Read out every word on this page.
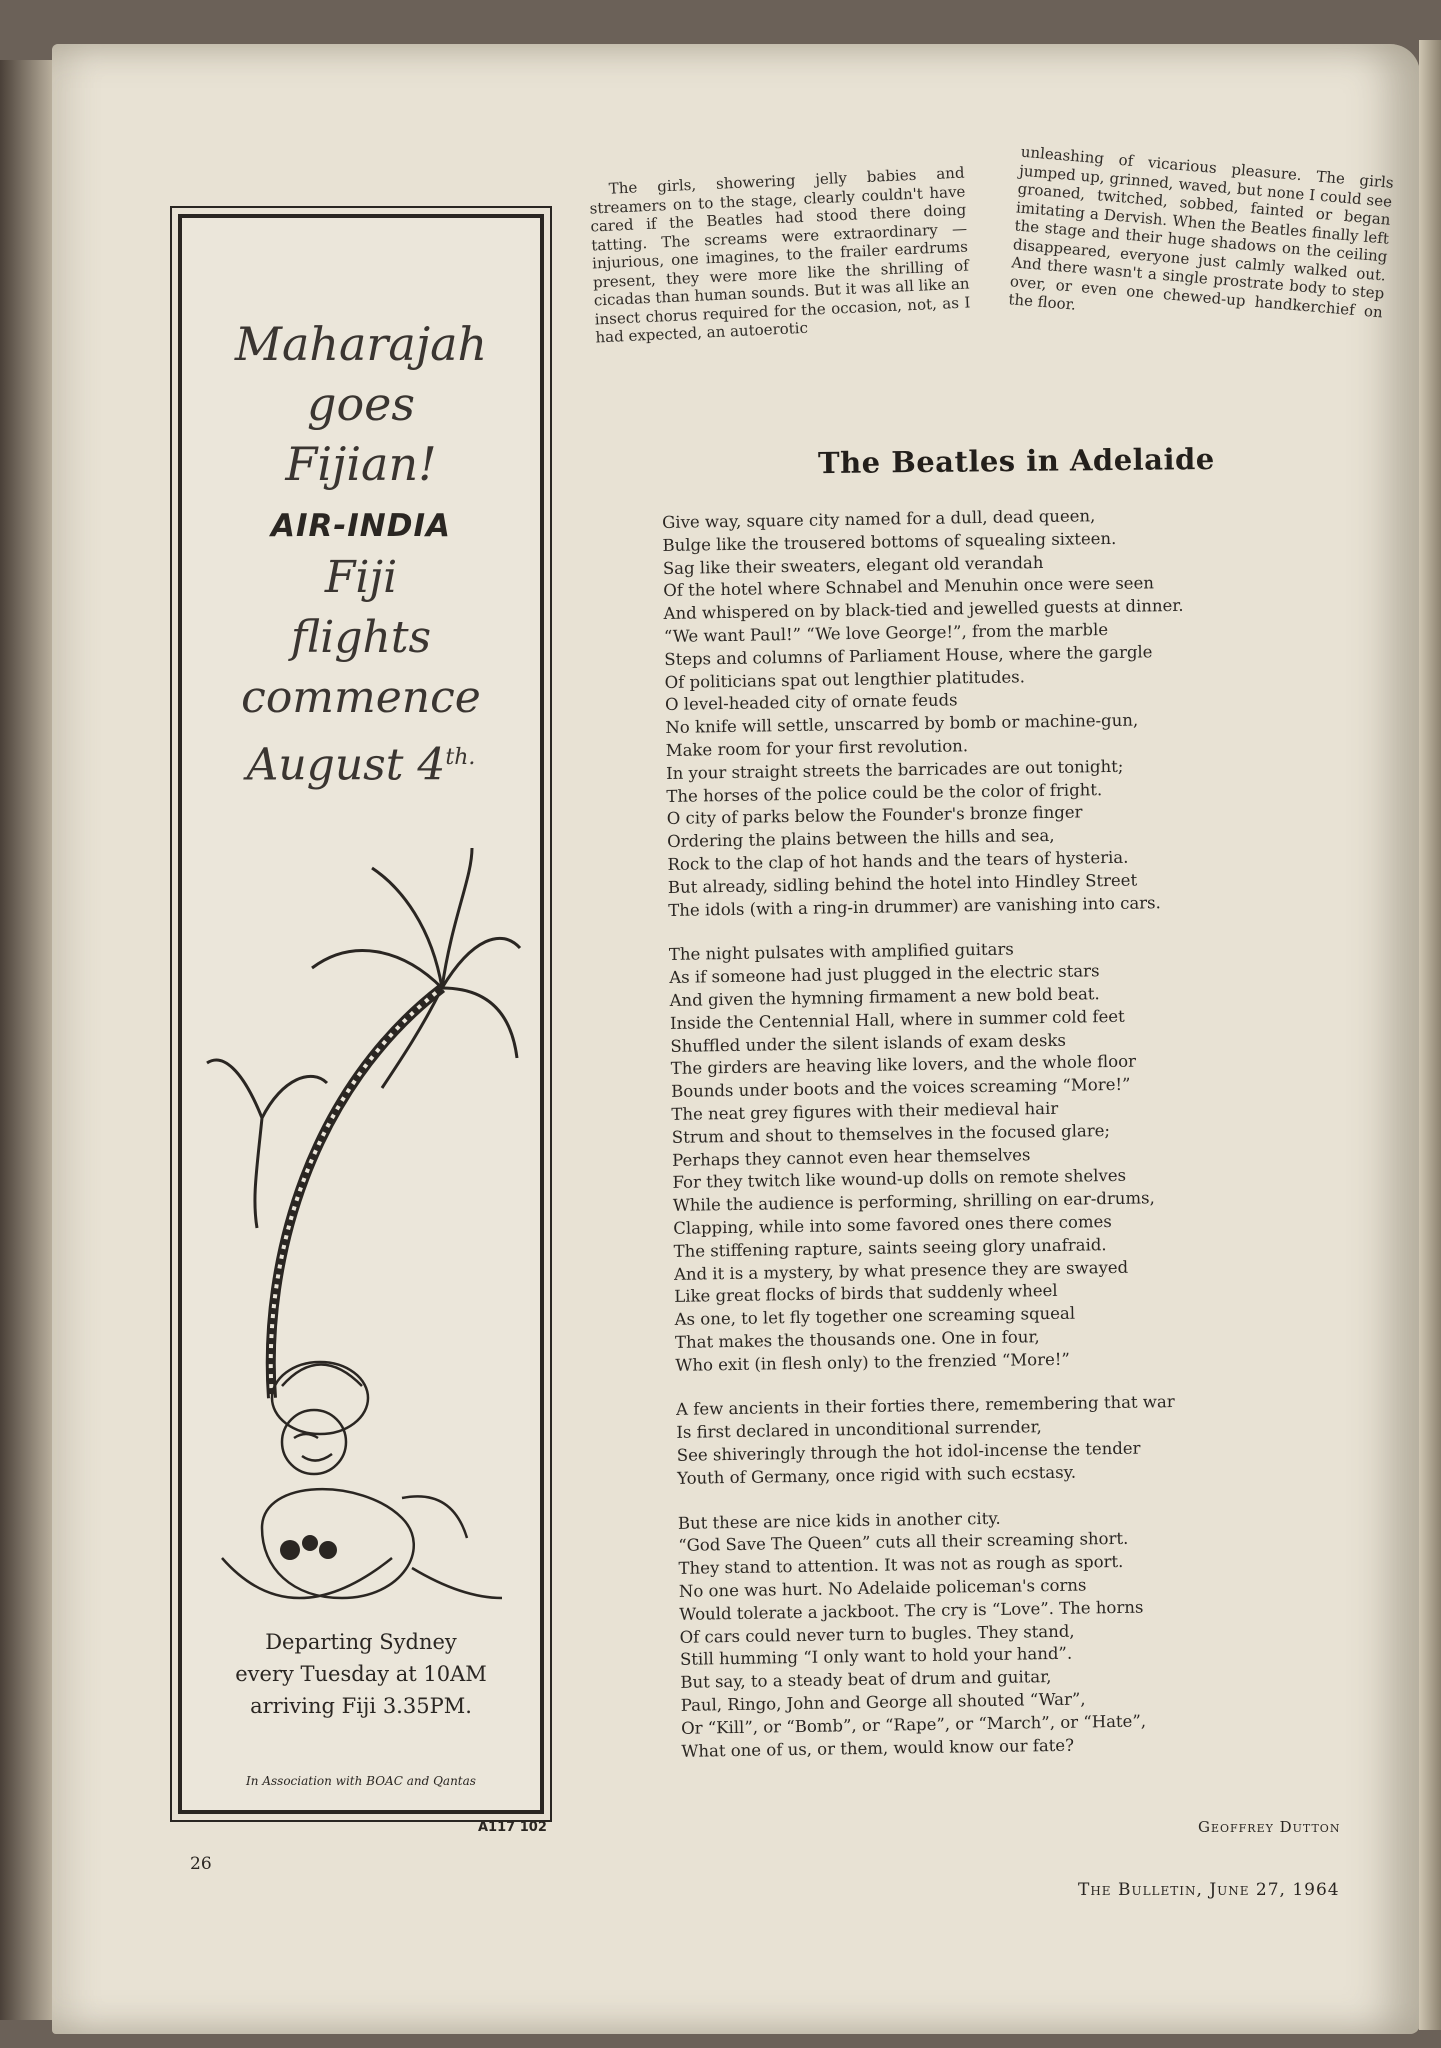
Maharajah
goes
Fijian!
AIR-INDIA
Fiji
flights
commence
August $4^{th.}$
Departing Sydney
every Tuesday at 10AM
arriving Fiji 3.35PM.
In Association with BOAC and Qantas
A117 102

The girls, showering jelly babies and streamers on to the stage, clearly couldn't have cared if the Beatles had stood there doing tatting. The screams were extraordinary — injurious, one imagines, to the frailer eardrums present, they were more like the shrilling of cicadas than human sounds. But it was all like an insect chorus required for the occasion, not, as I had expected, an autoerotic

unleashing of vicarious pleasure. The girls jumped up, grinned, waved, but none I could see groaned, twitched, sobbed, fainted or began imitating a Dervish. When the Beatles finally left the stage and their huge shadows on the ceiling disappeared, everyone just calmly walked out. And there wasn't a single prostrate body to step over, or even one chewed-up handkerchief on the floor.

The Beatles in Adelaide
Give way, square city named for a dull, dead queen,
Bulge like the trousered bottoms of squealing sixteen.
Sag like their sweaters, elegant old verandah
Of the hotel where Schnabel and Menuhin once were seen
And whispered on by black-tied and jewelled guests at dinner.
“We want Paul!” “We love George!”, from the marble
Steps and columns of Parliament House, where the gargle
Of politicians spat out lengthier platitudes.
O level-headed city of ornate feuds
No knife will settle, unscarred by bomb or machine-gun,
Make room for your first revolution.
In your straight streets the barricades are out tonight;
The horses of the police could be the color of fright.
O city of parks below the Founder's bronze finger
Ordering the plains between the hills and sea,
Rock to the clap of hot hands and the tears of hysteria.
But already, sidling behind the hotel into Hindley Street
The idols (with a ring-in drummer) are vanishing into cars.
The night pulsates with amplified guitars
As if someone had just plugged in the electric stars
And given the hymning firmament a new bold beat.
Inside the Centennial Hall, where in summer cold feet
Shuffled under the silent islands of exam desks
The girders are heaving like lovers, and the whole floor
Bounds under boots and the voices screaming “More!”
The neat grey figures with their medieval hair
Strum and shout to themselves in the focused glare;
Perhaps they cannot even hear themselves
For they twitch like wound-up dolls on remote shelves
While the audience is performing, shrilling on ear-drums,
Clapping, while into some favored ones there comes
The stiffening rapture, saints seeing glory unafraid.
And it is a mystery, by what presence they are swayed
Like great flocks of birds that suddenly wheel
As one, to let fly together one screaming squeal
That makes the thousands one. One in four,
Who exit (in flesh only) to the frenzied “More!”
A few ancients in their forties there, remembering that war
Is first declared in unconditional surrender,
See shiveringly through the hot idol-incense the tender
Youth of Germany, once rigid with such ecstasy.
But these are nice kids in another city.
“God Save The Queen” cuts all their screaming short.
They stand to attention. It was not as rough as sport.
No one was hurt. No Adelaide policeman's corns
Would tolerate a jackboot. The cry is “Love”. The horns
Of cars could never turn to bugles. They stand,
Still humming “I only want to hold your hand”.
But say, to a steady beat of drum and guitar,
Paul, Ringo, John and George all shouted “War”,
Or “Kill”, or “Bomb”, or “Rape”, or “March”, or “Hate”,
What one of us, or them, would know our fate?
Geoffrey Dutton
26
The Bulletin, June 27, 1964
